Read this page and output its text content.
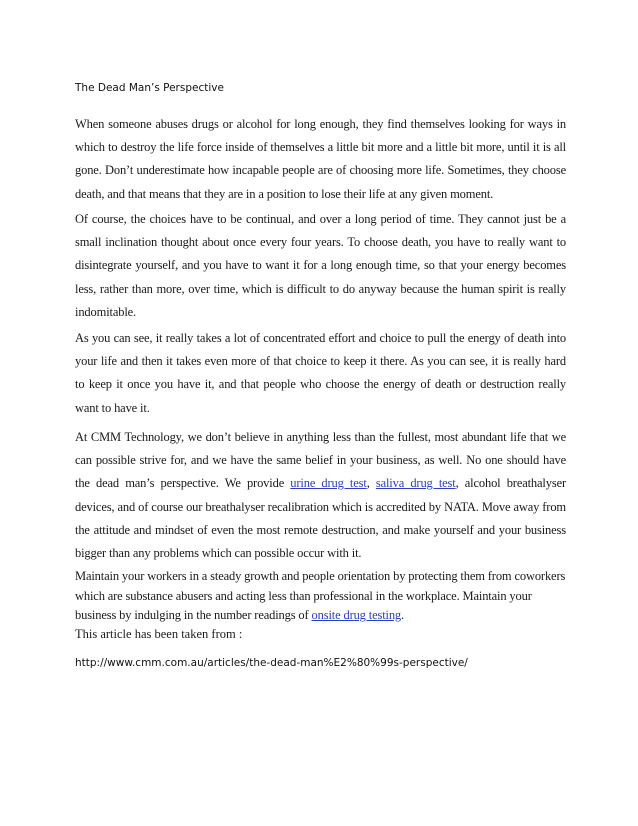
The Dead Man’s Perspective

When someone abuses drugs or alcohol for long enough, they find themselves looking for ways in which to destroy the life force inside of themselves a little bit more and a little bit more, until it is all gone. Don’t underestimate how incapable people are of choosing more life. Sometimes, they choose death, and that means that they are in a position to lose their life at any given moment.

Of course, the choices have to be continual, and over a long period of time. They cannot just be a small inclination thought about once every four years. To choose death, you have to really want to disintegrate yourself, and you have to want it for a long enough time, so that your energy becomes less, rather than more, over time, which is difficult to do anyway because the human spirit is really indomitable.

As you can see, it really takes a lot of concentrated effort and choice to pull the energy of death into your life and then it takes even more of that choice to keep it there. As you can see, it is really hard to keep it once you have it, and that people who choose the energy of death or destruction really want to have it.

At CMM Technology, we don’t believe in anything less than the fullest, most abundant life that we can possible strive for, and we have the same belief in your business, as well. No one should have the dead man’s perspective. We provide urine drug test, saliva drug test, alcohol breathalyser devices, and of course our breathalyser recalibration which is accredited by NATA. Move away from the attitude and mindset of even the most remote destruction, and make yourself and your business bigger than any problems which can possible occur with it.

Maintain your workers in a steady growth and people orientation by protecting them from coworkers which are substance abusers and acting less than professional in the workplace. Maintain your business by indulging in the number readings of onsite drug testing.

This article has been taken from :
http://www.cmm.com.au/articles/the-dead-man%E2%80%99s-perspective/
